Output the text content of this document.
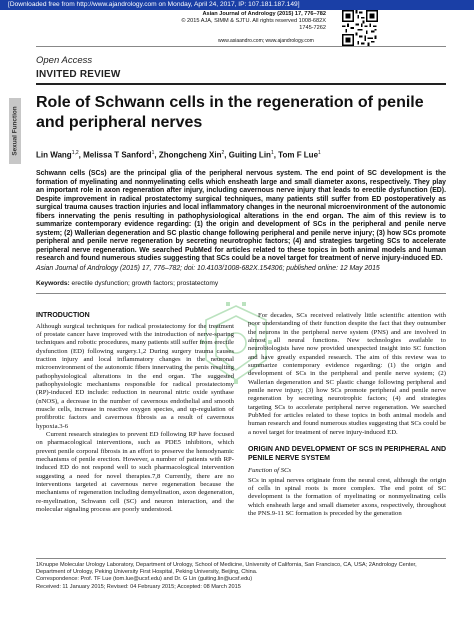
[Downloaded free from http://www.ajandrology.com on Monday, April 24, 2017, IP: 107.181.187.149]
Asian Journal of Andrology (2015) 17, 776–782
© 2015 AJA, SIMM & SJTU. All rights reserved 1008-682X
1745-7262
www.asiaandro.com; www.ajandrology.com
Open Access
INVITED REVIEW
Sexual Function
Role of Schwann cells in the regeneration of penile and peripheral nerves
Lin Wang$^{1,2}$, Melissa T Sanford$^1$, Zhongcheng Xin$^2$, Guiting Lin$^1$, Tom F Lue$^1$
Schwann cells (SCs) are the principal glia of the peripheral nervous system. The end point of SC development is the formation of myelinating and nonmyelinating cells which ensheath large and small diameter axons, respectively. They play an important role in axon regeneration after injury, including cavernous nerve injury that leads to erectile dysfunction (ED). Despite improvement in radical prostatectomy surgical techniques, many patients still suffer from ED postoperatively as surgical trauma causes traction injuries and local inflammatory changes in the neuronal microenvironment of the autonomic fibers innervating the penis resulting in pathophysiological alterations in the end organ. The aim of this review is to summarize contemporary evidence regarding: (1) the origin and development of SCs in the peripheral and penile nerve system; (2) Wallerian degeneration and SC plastic change following peripheral and penile nerve injury; (3) how SCs promote peripheral and penile nerve regeneration by secreting neurotrophic factors; (4) and strategies targeting SCs to accelerate peripheral nerve regeneration. We searched PubMed for articles related to these topics in both animal models and human research and found numerous studies suggesting that SCs could be a novel target for treatment of nerve injury-induced ED.
Asian Journal of Andrology (2015) 17, 776–782; doi: 10.4103/1008-682X.154306; published online: 12 May 2015
Keywords: erectile dysfunction; growth factors; prostatectomy
INTRODUCTION

Although surgical techniques for radical prostatectomy for the treatment of prostate cancer have improved with the introduction of nerve-sparing techniques and robotic procedures, many patients still suffer from erectile dysfunction (ED) following surgery.1,2 During surgery trauma causes traction injury and local inflammatory changes in the neuronal microenvironment of the autonomic fibers innervating the penis resulting pathophysiological alterations in the end organ. The suggested pathophysiologic mechanisms responsible for radical prostatectomy (RP)-induced ED include: reduction in neuronal nitric oxide synthase (nNOS), a decrease in the number of cavernous endothelial and smooth muscle cells, increase in reactive oxygen species, and up-regulation of profibrotic factors and cavernous fibrosis as a result of cavernous hypoxia.3-6

Current research strategies to prevent ED following RP have focused on pharmacological interventions, such as PDE5 inhibitors, which prevent penile corporal fibrosis in an effort to preserve the hemodynamic mechanisms of penile erection. However, a number of patients with RP-induced ED do not respond well to such pharmacological intervention suggesting a need for novel therapies.7,8 Currently, there are no interventions targeted at cavernous nerve regeneration because the mechanisms of regeneration including demyelination, axon degeneration, re-myelination, Schwann cell (SC) and neuron interaction, and the molecular signaling process are poorly understood.

For decades, SCs received relatively little scientific attention with poor understanding of their function despite the fact that they outnumber the neurons in the peripheral nerve system (PNS) and are involved in almost all neural functions. New technologies available to neurobiologists have now provided unexpected insight into SC function and have greatly expanded research. The aim of this review was to summarize contemporary evidence regarding: (1) the origin and development of SCs in the peripheral and penile nerve system; (2) Wallerian degeneration and SC plastic change following peripheral and penile nerve injury; (3) how SCs promote peripheral and penile nerve regeneration by secreting neurotrophic factors; (4) and strategies targeting SCs to accelerate peripheral nerve regeneration. We searched PubMed for articles related to these topics in both animal models and human research and found numerous studies suggesting that SCs could be a novel target for treatment of nerve injury-induced ED.

ORIGIN AND DEVELOPMENT OF SCS IN PERIPHERAL AND PENILE NERVE SYSTEM
Function of SCs

SCs in spinal nerves originate from the neural crest, although the origin of cells in spinal roots is more complex. The end point of SC development is the formation of myelinating or nonmyelinating cells which ensheath large and small diameter axons, respectively, throughout the PNS.9-11 SC formation is preceded by the generation

1Knuppe Molecular Urology Laboratory, Department of Urology, School of Medicine, University of California, San Francisco, CA, USA; 2Andrology Center, Department of Urology, Peking University First Hospital, Peking University, Beijing, China.
Correspondence: Prof. TF Lue (tom.lue@ucsf.edu) and Dr. G Lin (guiting.lin@ucsf.edu)
Received: 11 January 2015; Revised: 04 February 2015; Accepted: 08 March 2015
